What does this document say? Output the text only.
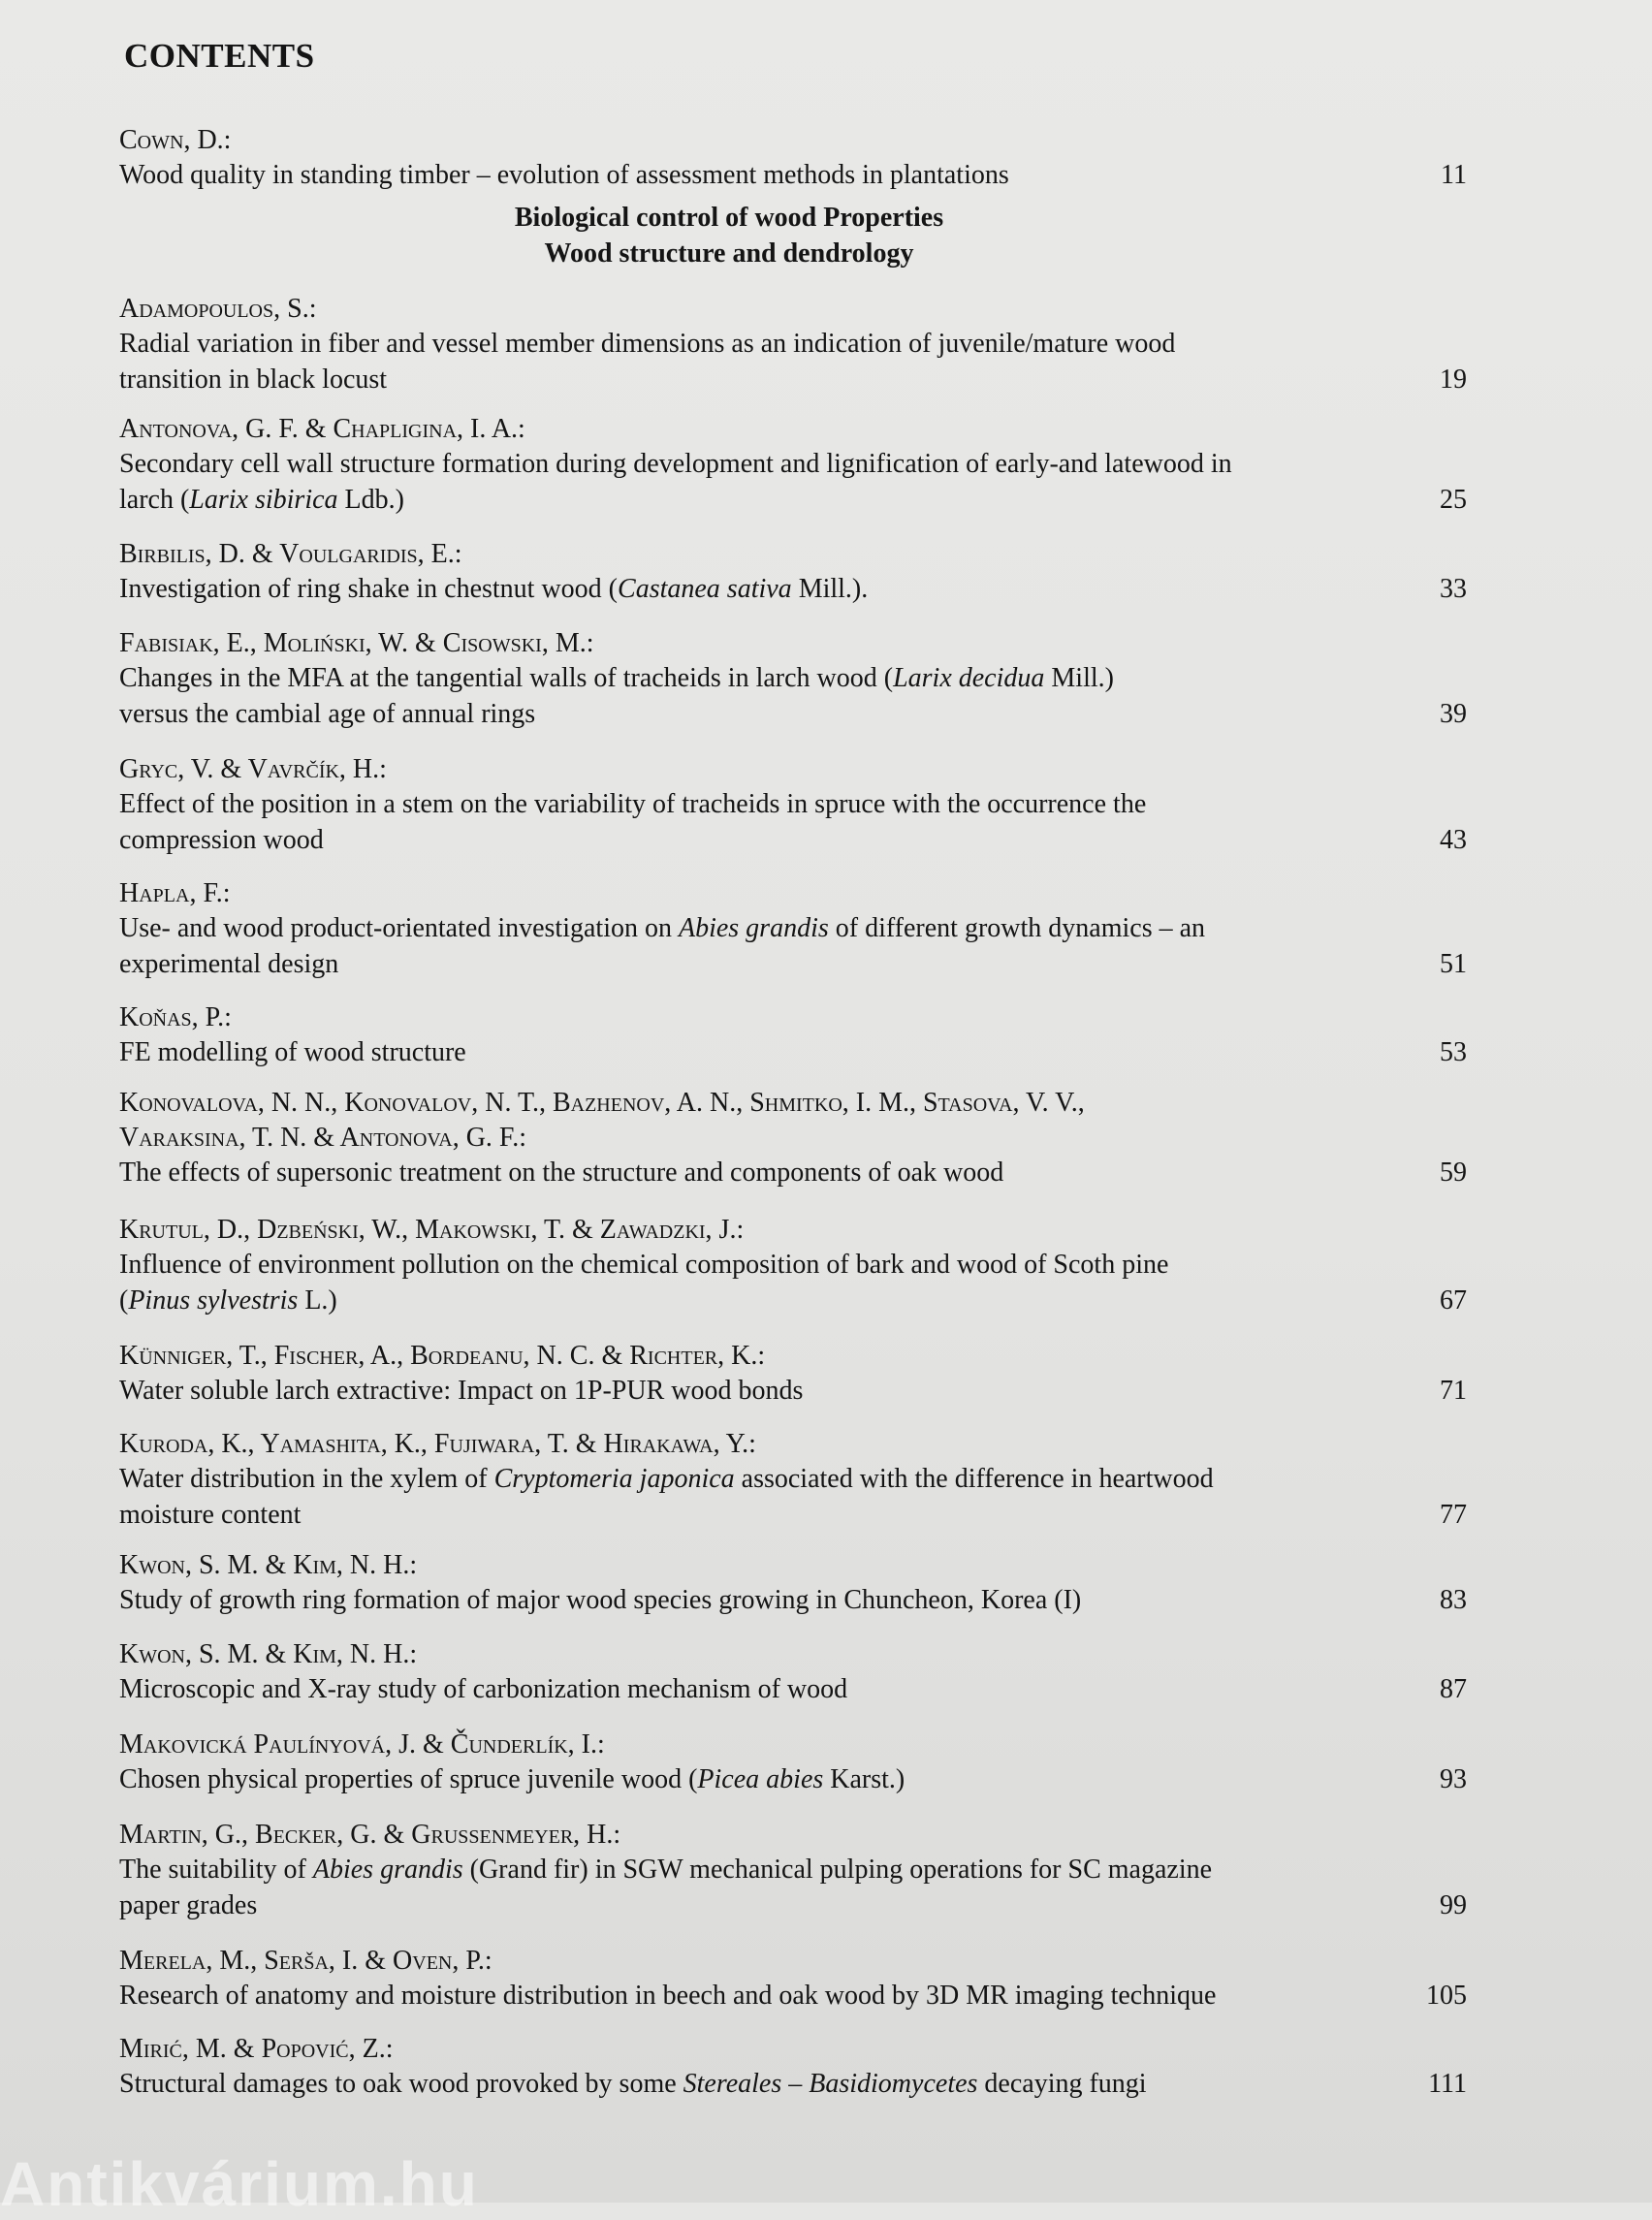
CONTENTS
Cown, D.:
Wood quality in standing timber – evolution of assessment methods in plantations	11
Biological control of wood Properties
Wood structure and dendrology
Adamopoulos, S.:
Radial variation in fiber and vessel member dimensions as an indication of juvenile/mature wood
transition in black locust	19
Antonova, G. F. & Chapligina, I. A.:
Secondary cell wall structure formation during development and lignification of early-and latewood in
larch (Larix sibirica Ldb.)	25
Birbilis, D. & Voulgaridis, E.:
Investigation of ring shake in chestnut wood (Castanea sativa Mill.).	33
Fabisiak, E., Moliński, W. & Cisowski, M.:
Changes in the MFA at the tangential walls of tracheids in larch wood (Larix decidua Mill.)
versus the cambial age of annual rings	39
Gryc, V. & Vavrčík, H.:
Effect of the position in a stem on the variability of tracheids in spruce with the occurrence the
compression wood	43
Hapla, F.:
Use- and wood product-orientated investigation on Abies grandis of different growth dynamics – an
experimental design	51
Koňas, P.:
FE modelling of wood structure	53
Konovalova, N. N., Konovalov, N. T., Bazhenov, A. N., Shmitko, I. M., Stasova, V. V.,
Varaksina, T. N. & Antonova, G. F.:
The effects of supersonic treatment on the structure and components of oak wood	59
Krutul, D., Dzbeński, W., Makowski, T. & Zawadzki, J.:
Influence of environment pollution on the chemical composition of bark and wood of Scoth pine
(Pinus sylvestris L.)	67
Künniger, T., Fischer, A., Bordeanu, N. C. & Richter, K.:
Water soluble larch extractive: Impact on 1P-PUR wood bonds	71
Kuroda, K., Yamashita, K., Fujiwara, T. & Hirakawa, Y.:
Water distribution in the xylem of Cryptomeria japonica associated with the difference in heartwood
moisture content	77
Kwon, S. M. & Kim, N. H.:
Study of growth ring formation of major wood species growing in Chuncheon, Korea (I)	83
Kwon, S. M. & Kim, N. H.:
Microscopic and X-ray study of carbonization mechanism of wood	87
Makovická Paulínyová, J. & Čunderlík, I.:
Chosen physical properties of spruce juvenile wood (Picea abies Karst.)	93
Martin, G., Becker, G. & Grussenmeyer, H.:
The suitability of Abies grandis (Grand fir) in SGW mechanical pulping operations for SC magazine
paper grades	99
Merela, M., Serša, I. & Oven, P.:
Research of anatomy and moisture distribution in beech and oak wood by 3D MR imaging technique	105
Mirić, M. & Popović, Z.:
Structural damages to oak wood provoked by some Stereales – Basidiomycetes decaying fungi	111
Antikvárium.hu
